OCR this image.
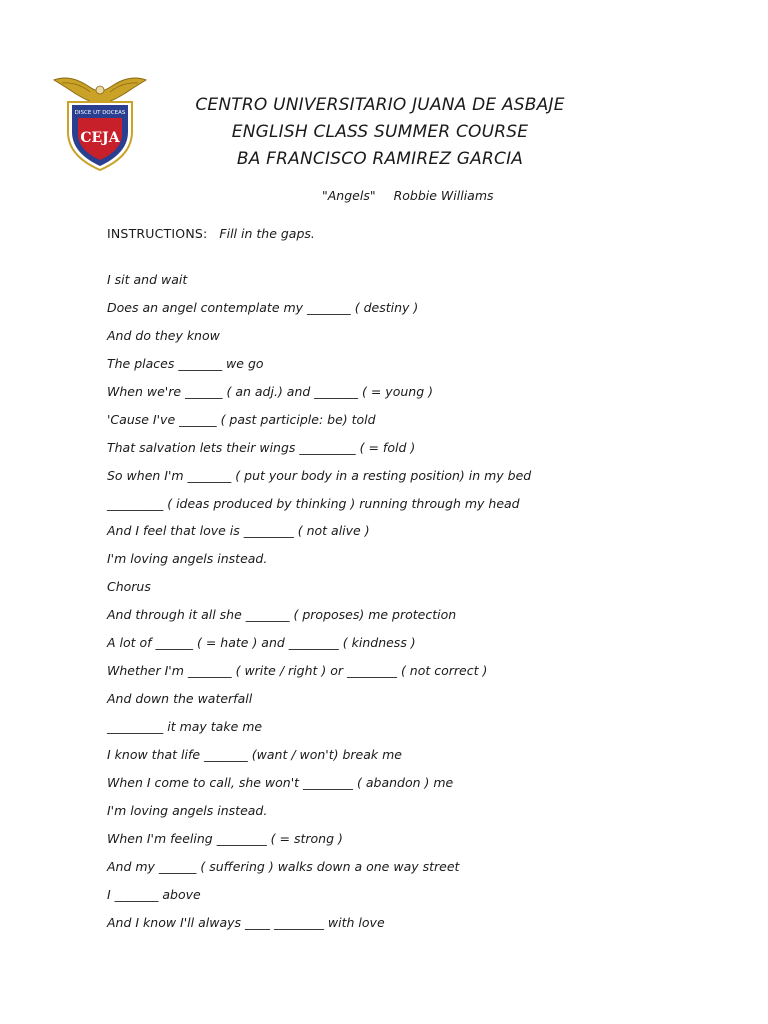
DISCE UT DOCEAS
CEJA
CENTRO UNIVERSITARIO JUANA DE ASBAJE
ENGLISH CLASS SUMMER COURSE
BA FRANCISCO RAMIREZ GARCIA
"Angels" Robbie Williams
INSTRUCTIONS: Fill in the gaps.
I sit and wait
Does an angel contemplate my _______ ( destiny )
And do they know
The places _______ we go
When we're ______ ( an adj.) and _______ ( = young )
'Cause I've ______ ( past participle: be) told
That salvation lets their wings _________ ( = fold )
So when I'm _______ ( put your body in a resting position) in my bed
_________ ( ideas produced by thinking ) running through my head
And I feel that love is ________ ( not alive )
I'm loving angels instead.
Chorus
And through it all she _______ ( proposes) me protection
A lot of ______ ( = hate ) and ________ ( kindness )
Whether I'm _______ ( write / right ) or ________ ( not correct )
And down the waterfall
_________ it may take me
I know that life _______ (want / won't) break me
When I come to call, she won't ________ ( abandon ) me
I'm loving angels instead.
When I'm feeling ________ ( = strong )
And my ______ ( suffering ) walks down a one way street
I _______ above
And I know I'll always ____ ________ with love
